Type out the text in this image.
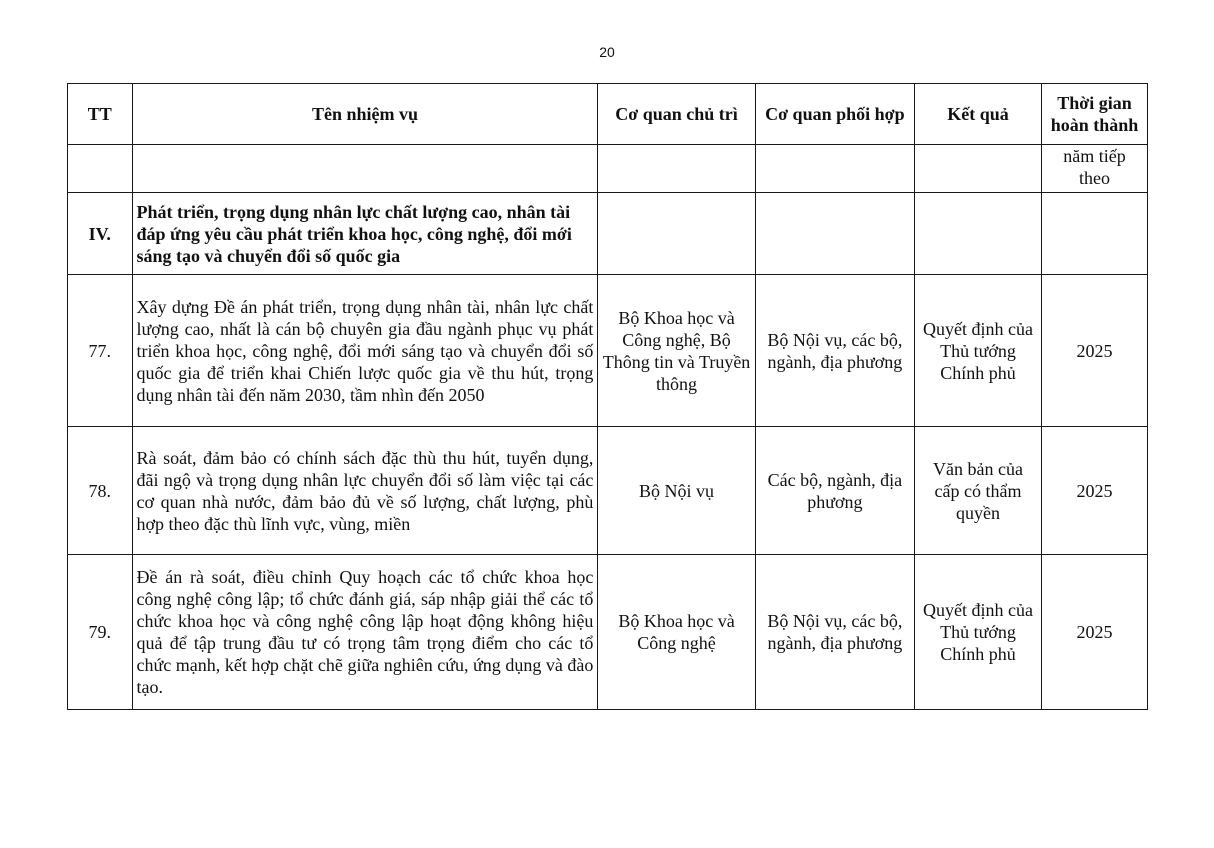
20
TT	Tên nhiệm vụ	Cơ quan chủ trì	Cơ quan phối hợp	Kết quả	Thời gian hoàn thành
					năm tiếp theo
IV.	Phát triển, trọng dụng nhân lực chất lượng cao, nhân tài đáp ứng yêu cầu phát triển khoa học, công nghệ, đổi mới sáng tạo và chuyển đổi số quốc gia				
77.	Xây dựng Đề án phát triển, trọng dụng nhân tài, nhân lực chất lượng cao, nhất là cán bộ chuyên gia đầu ngành phục vụ phát triển khoa học, công nghệ, đổi mới sáng tạo và chuyển đổi số quốc gia để triển khai Chiến lược quốc gia về thu hút, trọng dụng nhân tài đến năm 2030, tầm nhìn đến 2050	Bộ Khoa học và Công nghệ, Bộ Thông tin và Truyền thông	Bộ Nội vụ, các bộ, ngành, địa phương	Quyết định của Thủ tướng Chính phủ	2025
78.	Rà soát, đảm bảo có chính sách đặc thù thu hút, tuyển dụng, đãi ngộ và trọng dụng nhân lực chuyển đổi số làm việc tại các cơ quan nhà nước, đảm bảo đủ về số lượng, chất lượng, phù hợp theo đặc thù lĩnh vực, vùng, miền	Bộ Nội vụ	Các bộ, ngành, địa phương	Văn bản của cấp có thẩm quyền	2025
79.	Đề án rà soát, điều chỉnh Quy hoạch các tổ chức khoa học công nghệ công lập; tổ chức đánh giá, sáp nhập giải thể các tổ chức khoa học và công nghệ công lập hoạt động không hiệu quả để tập trung đầu tư có trọng tâm trọng điểm cho các tổ chức mạnh, kết hợp chặt chẽ giữa nghiên cứu, ứng dụng và đào tạo.	Bộ Khoa học và Công nghệ	Bộ Nội vụ, các bộ, ngành, địa phương	Quyết định của Thủ tướng Chính phủ	2025
